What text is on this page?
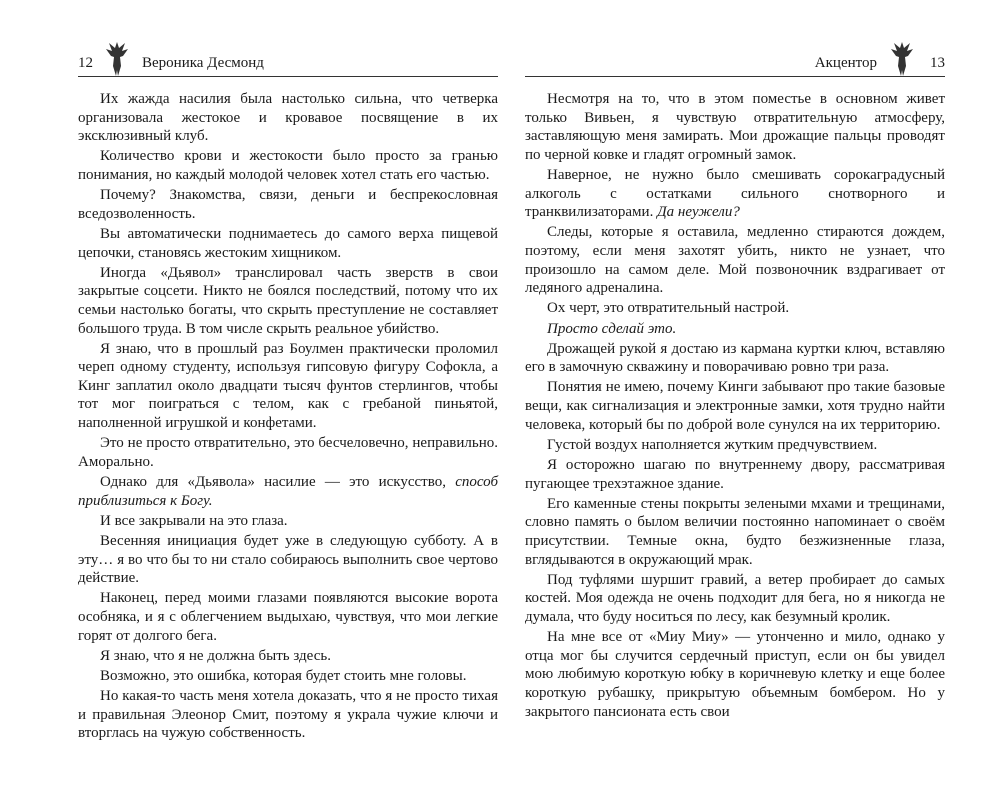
12	Вероника Десмонд

Их жажда насилия была настолько сильна, что четверка организовала жестокое и кровавое посвящение в их эксклюзивный клуб.

Количество крови и жестокости было просто за гранью понимания, но каждый молодой человек хотел стать его частью.

Почему? Знакомства, связи, деньги и беспрекословная вседозволенность.

Вы автоматически поднимаетесь до самого верха пищевой цепочки, становясь жестоким хищником.

Иногда «Дьявол» транслировал часть зверств в свои закрытые соцсети. Никто не боялся последствий, потому что их семьи настолько богаты, что скрыть преступление не составляет большого труда. В том числе скрыть реальное убийство.

Я знаю, что в прошлый раз Боулмен практически проломил череп одному студенту, используя гипсовую фигуру Софокла, а Кинг заплатил около двадцати тысяч фунтов стерлингов, чтобы тот мог поиграться с телом, как с гребаной пиньятой, наполненной игрушкой и конфетами.

Это не просто отвратительно, это бесчеловечно, неправильно. Аморально.

Однако для «Дьявола» насилие — это искусство, способ приблизиться к Богу.

И все закрывали на это глаза.

Весенняя инициация будет уже в следующую субботу. А в эту… я во что бы то ни стало собираюсь выполнить свое чертово действие.

Наконец, перед моими глазами появляются высокие ворота особняка, и я с облегчением выдыхаю, чувствуя, что мои легкие горят от долгого бега.

Я знаю, что я не должна быть здесь.

Возможно, это ошибка, которая будет стоить мне головы.

Но какая-то часть меня хотела доказать, что я не просто тихая и правильная Элеонор Смит, поэтому я украла чужие ключи и вторглась на чужую собственность.

Акцентор	13

Несмотря на то, что в этом поместье в основном живет только Вивьен, я чувствую отвратительную атмосферу, заставляющую меня замирать. Мои дрожащие пальцы проводят по черной ковке и гладят огромный замок.

Наверное, не нужно было смешивать сорокаградусный алкоголь с остатками сильного снотворного и транквилизаторами. Да неужели?

Следы, которые я оставила, медленно стираются дождем, поэтому, если меня захотят убить, никто не узнает, что произошло на самом деле. Мой позвоночник вздрагивает от ледяного адреналина.

Ох черт, это отвратительный настрой.

Просто сделай это.

Дрожащей рукой я достаю из кармана куртки ключ, вставляю его в замочную скважину и поворачиваю ровно три раза.

Понятия не имею, почему Кинги забывают про такие базовые вещи, как сигнализация и электронные замки, хотя трудно найти человека, который бы по доброй воле сунулся на их территорию.

Густой воздух наполняется жутким предчувствием.

Я осторожно шагаю по внутреннему двору, рассматривая пугающее трехэтажное здание.

Его каменные стены покрыты зелеными мхами и трещинами, словно память о былом величии постоянно напоминает о своём присутствии. Темные окна, будто безжизненные глаза, вглядываются в окружающий мрак.

Под туфлями шуршит гравий, а ветер пробирает до самых костей. Моя одежда не очень подходит для бега, но я никогда не думала, что буду носиться по лесу, как безумный кролик.

На мне все от «Миу Миу» — утонченно и мило, однако у отца мог бы случится сердечный приступ, если он бы увидел мою любимую короткую юбку в коричневую клетку и еще более короткую рубашку, прикрытую объемным бомбером. Но у закрытого пансионата есть свои
